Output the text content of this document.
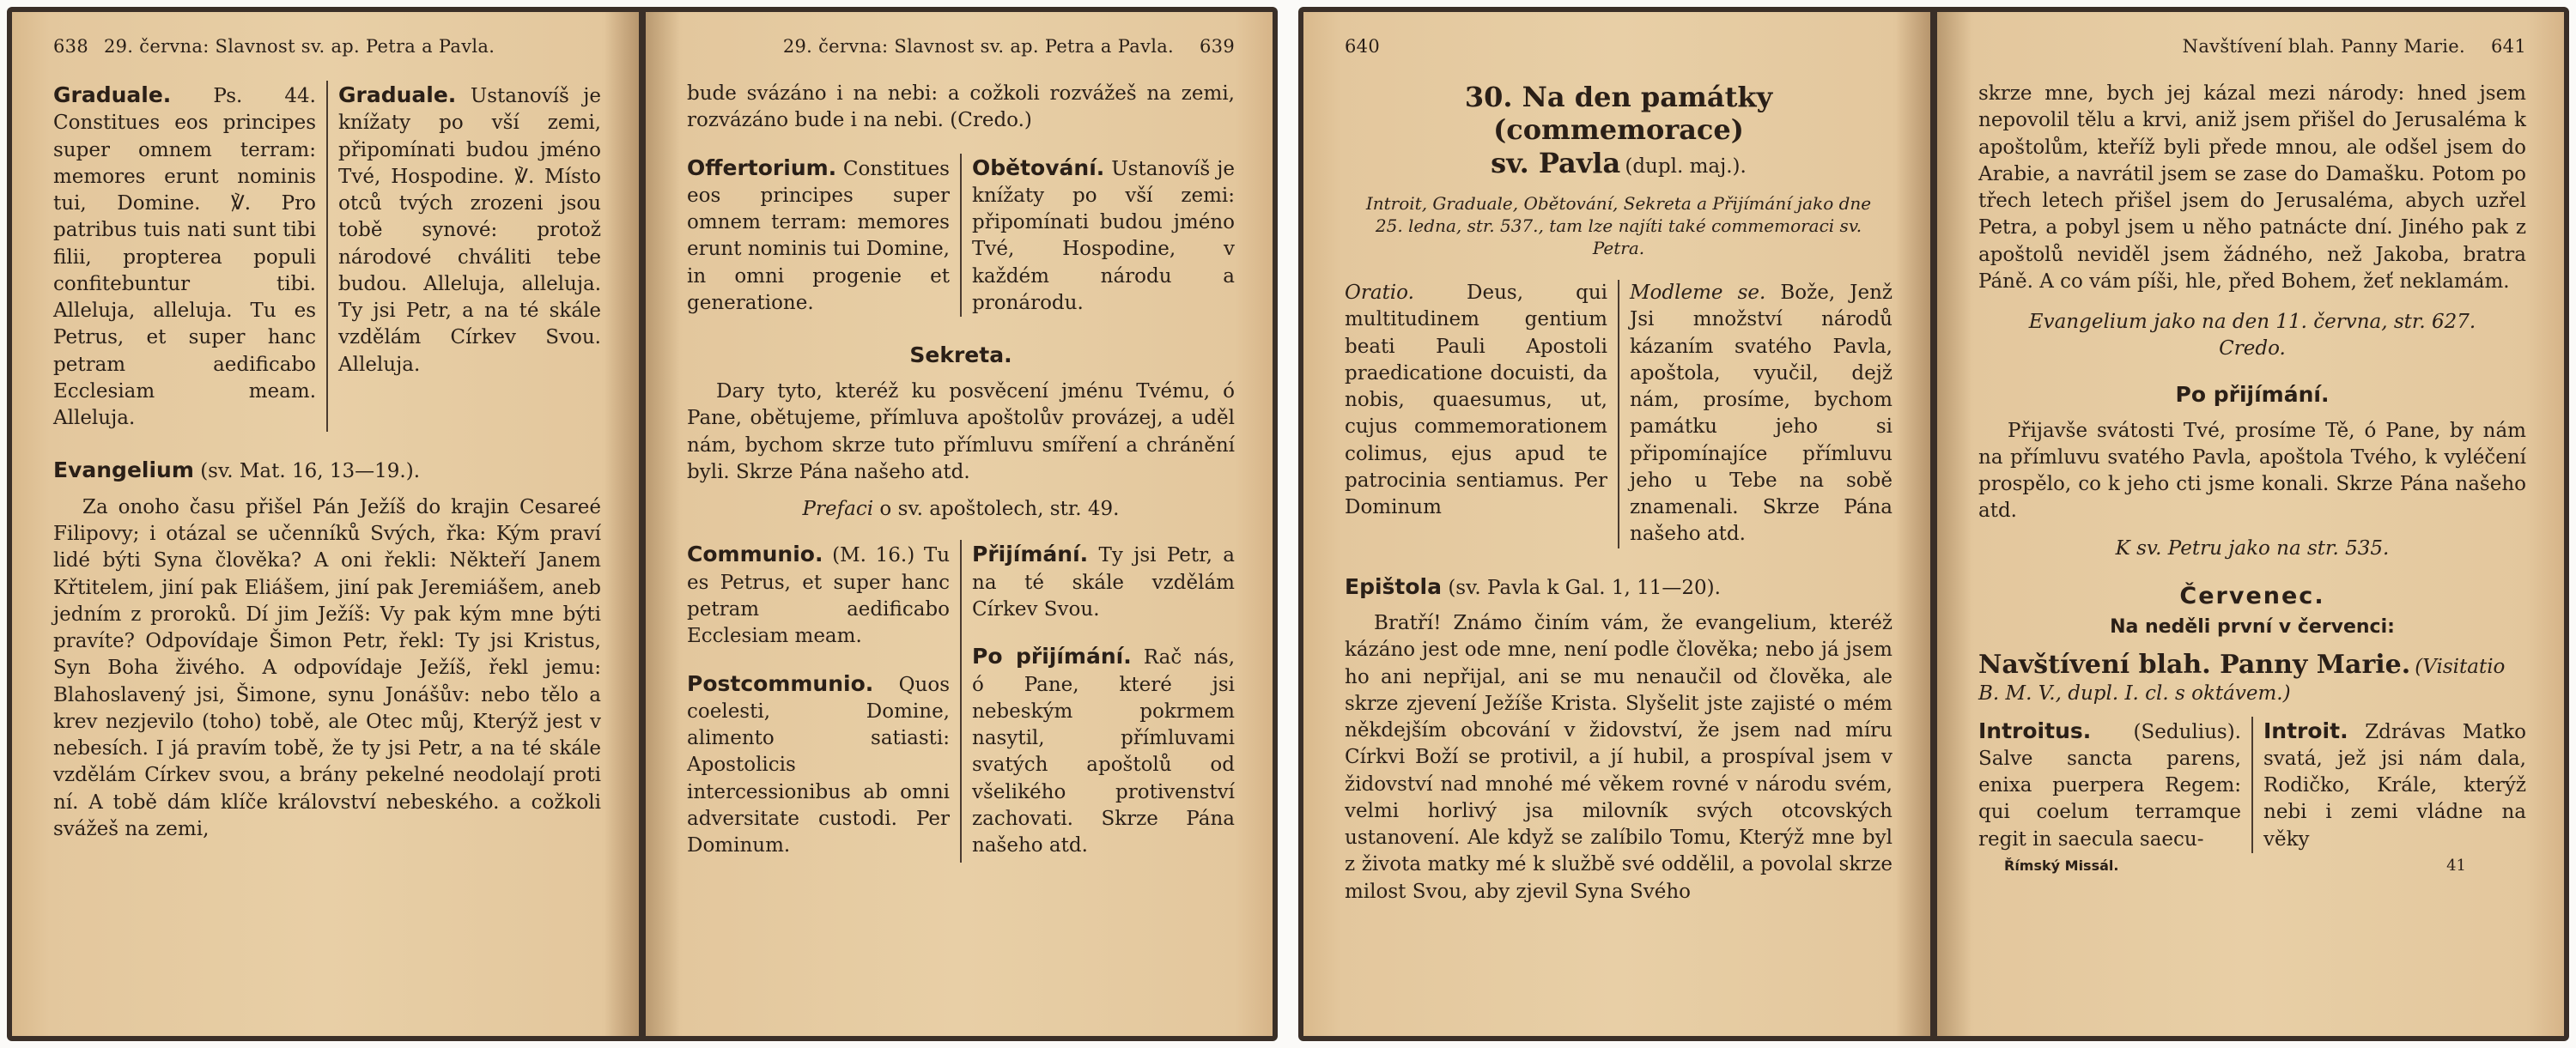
638 29. června: Slavnost sv. ap. Petra a Pavla.
Graduale. Ps. 44. Constitues eos principes super omnem terram: memores erunt nominis tui, Domine. ℣. Pro patribus tuis nati sunt tibi filii, propterea populi confitebuntur tibi. Alleluja, alleluja. Tu es Petrus, et super hanc petram aedificabo Ecclesiam meam. Alleluja.
Graduale. Ustanovíš je knížaty po vší zemi, připomínati budou jméno Tvé, Hospodine. ℣. Místo otců tvých zrozeni jsou tobě synové: protož národové chváliti tebe budou. Alleluja, alleluja. Ty jsi Petr, a na té skále vzdělám Církev Svou. Alleluja.
Evangelium (sv. Mat. 16, 13—19.).
Za onoho času přišel Pán Ježíš do krajin Cesareé Filipovy; i otázal se učenníků Svých, řka: Kým praví lidé býti Syna člověka? A oni řekli: Někteří Janem Křtitelem, jiní pak Eliášem, jiní pak Jeremiášem, aneb jedním z proroků. Dí jim Ježíš: Vy pak kým mne býti pravíte? Odpovídaje Šimon Petr, řekl: Ty jsi Kristus, Syn Boha živého. A odpovídaje Ježíš, řekl jemu: Blahoslavený jsi, Šimone, synu Jonášův: nebo tělo a krev nezjevilo (toho) tobě, ale Otec můj, Kterýž jest v nebesích. I já pravím tobě, že ty jsi Petr, a na té skále vzdělám Církev svou, a brány pekelné neodolají proti ní. A tobě dám klíče království nebeského. a cožkoli svážeš na zemi,
29. června: Slavnost sv. ap. Petra a Pavla. 639
bude svázáno i na nebi: a cožkoli rozvážeš na zemi, rozvázáno bude i na nebi. (Credo.)
Offertorium. Constitues eos principes super omnem terram: memores erunt nominis tui Domine, in omni progenie et generatione.
Obětování. Ustanovíš je knížaty po vší zemi: připomínati budou jméno Tvé, Hospodine, v každém národu a pronárodu.
Sekreta.
Dary tyto, kteréž ku posvěcení jménu Tvému, ó Pane, obětujeme, přímluva apoštolův provázej, a uděl nám, bychom skrze tuto přímluvu smíření a chránění byli. Skrze Pána našeho atd.
Prefaci o sv. apoštolech, str. 49.
Communio. (M. 16.) Tu es Petrus, et super hanc petram aedificabo Ecclesiam meam.
Postcommunio. Quos coelesti, Domine, alimento satiasti: Apostolicis intercessionibus ab omni adversitate custodi. Per Dominum.
Přijímání. Ty jsi Petr, a na té skále vzdělám Církev Svou.
Po přijímání. Rač nás, ó Pane, které jsi nebeským pokrmem nasytil, přímluvami svatých apoštolů od všelikého protivenství zachovati. Skrze Pána našeho atd.
640
30. Na den památky (commemorace)
sv. Pavla (dupl. maj.).
Introit, Graduale, Obětování, Sekreta a Přijímání jako dne 25. ledna, str. 537., tam lze najíti také commemoraci sv. Petra.
Oratio.	Deus, qui multitudinem gentium beati Pauli Apostoli praedicatione docuisti, da nobis, quaesumus, ut, cujus commemorationem colimus, ejus apud te patrocinia sentiamus. Per Dominum
Modleme se. Bože, Jenž Jsi množství národů kázaním svatého Pavla, apoštola, vyučil, dejž nám, prosíme, bychom památku jeho si připomínajíce přímluvu jeho u Tebe na sobě znamenali. Skrze Pána našeho atd.
Epištola (sv. Pavla k Gal. 1, 11—20).
Bratří! Známo činím vám, že evangelium, kteréž kázáno jest ode mne, není podle člověka; nebo já jsem ho ani nepřijal, ani se mu nenaučil od člověka, ale skrze zjevení Ježíše Krista. Slyšelit jste zajisté o mém někdejším obcování v židovství, že jsem nad míru Církvi Boží se protivil, a jí hubil, a prospíval jsem v židovství nad mnohé mé věkem rovné v národu svém, velmi horlivý jsa milovník svých otcovských ustanovení. Ale když se zalíbilo Tomu, Kterýž mne byl z života matky mé k službě své oddělil, a povolal skrze milost Svou, aby zjevil Syna Svého
Navštívení blah. Panny Marie. 641
skrze mne, bych jej kázal mezi národy: hned jsem nepovolil tělu a krvi, aniž jsem přišel do Jerusaléma k apoštolům, kteříž byli přede mnou, ale odšel jsem do Arabie, a navrátil jsem se zase do Damašku. Potom po třech letech přišel jsem do Jerusaléma, abych uzřel Petra, a pobyl jsem u něho patnácte dní. Jiného pak z apoštolů neviděl jsem žádného, než Jakoba, bratra Páně. A co vám píši, hle, před Bohem, žeť neklamám.
Evangelium jako na den 11. června, str. 627.
Credo.
Po přijímání.
Přijavše svátosti Tvé, prosíme Tě, ó Pane, by nám na přímluvu svatého Pavla, apoštola Tvého, k vyléčení prospělo, co k jeho cti jsme konali. Skrze Pána našeho atd.
K sv. Petru jako na str. 535.
Červenec.
Na neděli první v červenci:
Navštívení blah. Panny Marie. (Visitatio B. M. V., dupl. I. cl. s oktávem.)
Introitus. (Sedulius). Salve sancta parens, enixa puerpera Regem: qui coelum terramque regit in saecula saecu-
Introit. Zdrávas Matko svatá, jež jsi nám dala, Rodičko, Krále, kterýž nebi i zemi vládne na věky
Římský Missál.	41
